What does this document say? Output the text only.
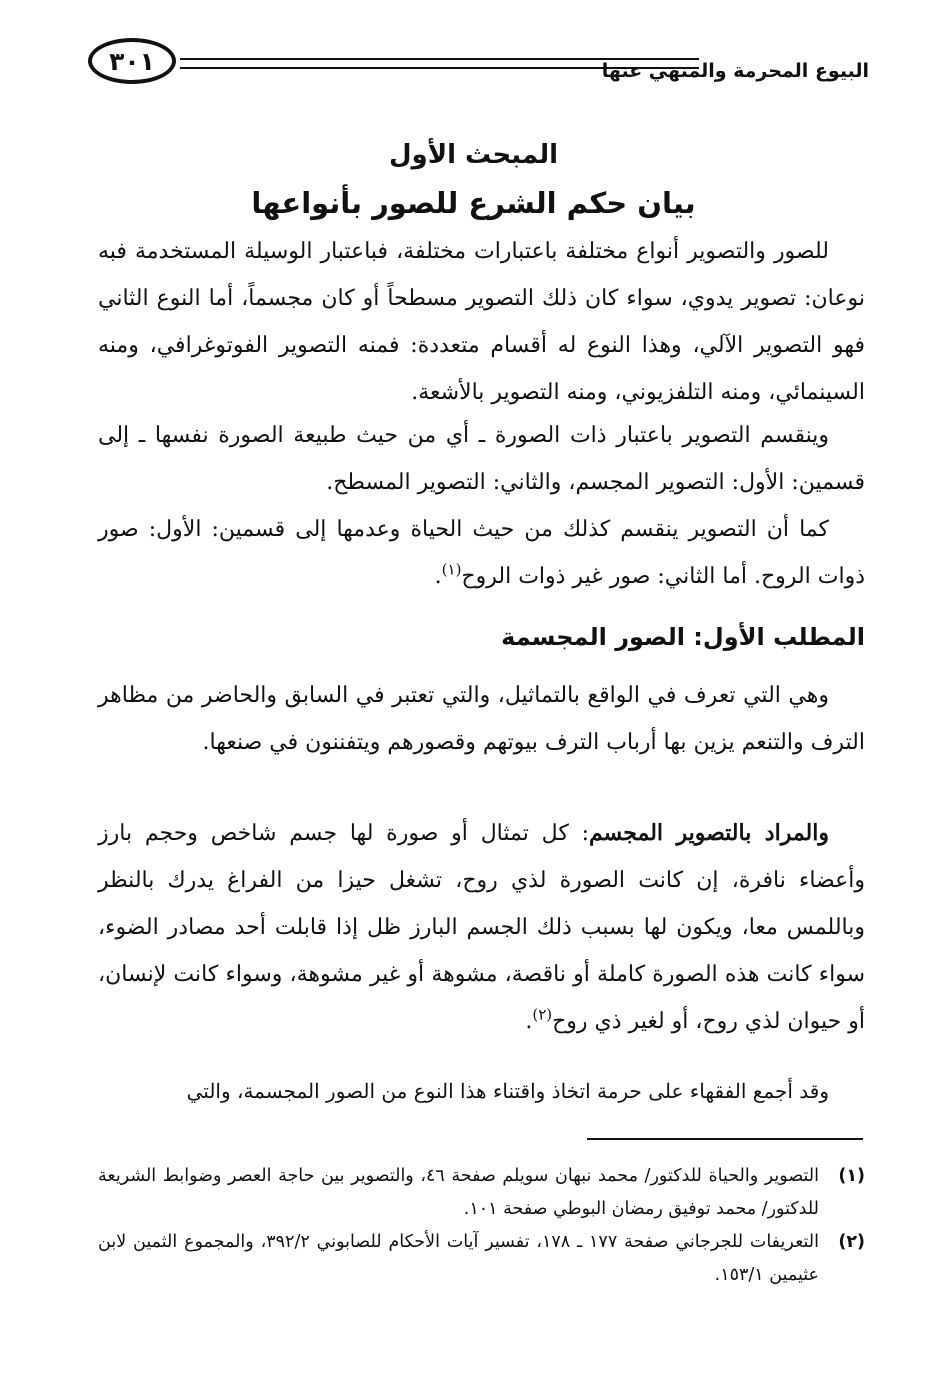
٣٠١	البيوع المحرمة والمنهي عنها
المبحث الأول
بيان حكم الشرع للصور بأنواعها

للصور والتصوير أنواع مختلفة باعتبارات مختلفة، فباعتبار الوسيلة المستخدمة فبه نوعان: تصوير يدوي، سواء كان ذلك التصوير مسطحاً أو كان مجسماً، أما النوع الثاني فهو التصوير الآلي، وهذا النوع له أقسام متعددة: فمنه التصوير الفوتوغرافي، ومنه السينمائي، ومنه التلفزيوني، ومنه التصوير بالأشعة.

وينقسم التصوير باعتبار ذات الصورة ـ أي من حيث طبيعة الصورة نفسها ـ إلى قسمين: الأول: التصوير المجسم، والثاني: التصوير المسطح.

كما أن التصوير ينقسم كذلك من حيث الحياة وعدمها إلى قسمين: الأول: صور ذوات الروح. أما الثاني: صور غير ذوات الروح$^{(١)}$.

المطلب الأول: الصور المجسمة

وهي التي تعرف في الواقع بالتماثيل، والتي تعتبر في السابق والحاضر من مظاهر الترف والتنعم يزين بها أرباب الترف بيوتهم وقصورهم ويتفننون في صنعها.

والمراد بالتصوير المجسم: كل تمثال أو صورة لها جسم شاخص وحجم بارز وأعضاء نافرة، إن كانت الصورة لذي روح، تشغل حيزا من الفراغ يدرك بالنظر وباللمس معا، ويكون لها بسبب ذلك الجسم البارز ظل إذا قابلت أحد مصادر الضوء، سواء كانت هذه الصورة كاملة أو ناقصة، مشوهة أو غير مشوهة، وسواء كانت لإنسان، أو حيوان لذي روح، أو لغير ذي روح$^{(٢)}$.

وقد أجمع الفقهاء على حرمة اتخاذ واقتناء هذا النوع من الصور المجسمة، والتي

(١)
التصوير والحياة للدكتور/ محمد نبهان سويلم صفحة ٤٦، والتصوير بين حاجة العصر وضوابط الشريعة للدكتور/ محمد توفيق رمضان البوطي صفحة ١٠١.
(٢)
التعريفات للجرجاني صفحة ١٧٧ ـ ١٧٨، تفسير آيات الأحكام للصابوني ٣٩٢/٢، والمجموع الثمين لابن عثيمين ١٥٣/١.
